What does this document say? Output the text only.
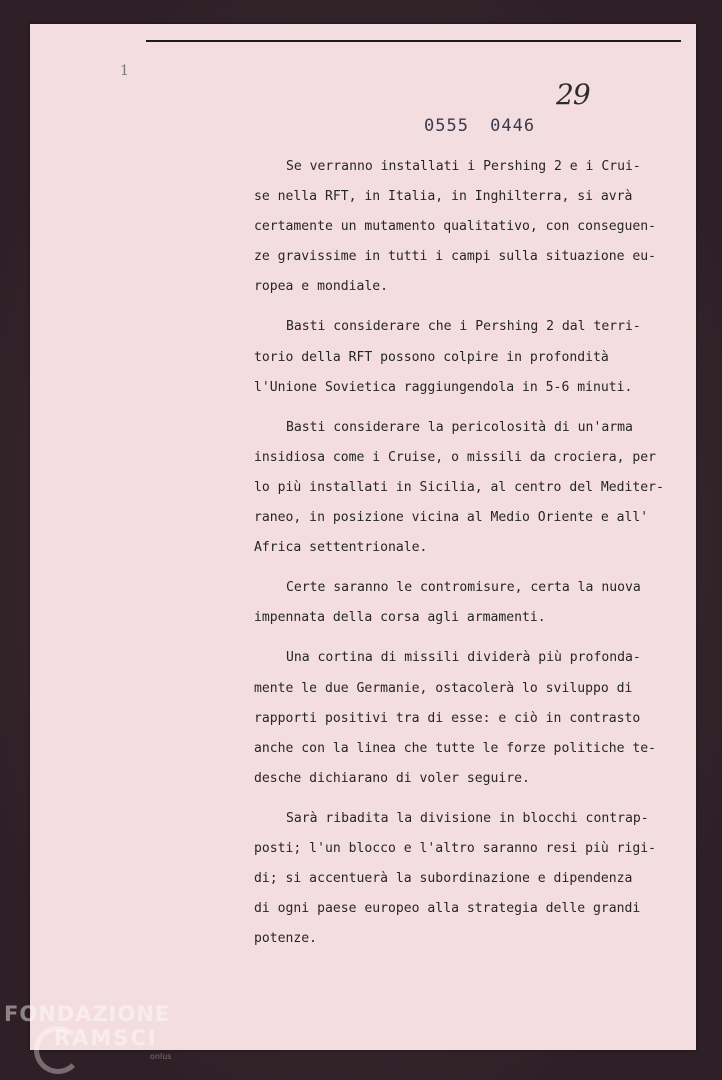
1
29
0555 0446
Se verranno installati i Pershing 2 e i Crui-
se nella RFT, in Italia, in Inghilterra, si avrà
certamente un mutamento qualitativo, con conseguen-
ze gravissime in tutti i campi sulla situazione eu-
ropea e mondiale.
Basti considerare che i Pershing 2 dal terri-
torio della RFT possono colpire in profondità
l'Unione Sovietica raggiungendola in 5-6 minuti.
Basti considerare la pericolosità di un'arma
insidiosa come i Cruise, o missili da crociera, per
lo più installati in Sicilia, al centro del Mediter-
raneo, in posizione vicina al Medio Oriente e all'
Africa settentrionale.
Certe saranno le contromisure, certa la nuova
impennata della corsa agli armamenti.
Una cortina di missili dividerà più profonda-
mente le due Germanie, ostacolerà lo sviluppo di
rapporti positivi tra di esse: e ciò in contrasto
anche con la linea che tutte le forze politiche te-
desche dichiarano di voler seguire.
Sarà ribadita la divisione in blocchi contrap-
posti; l'un blocco e l'altro saranno resi più rigi-
di; si accentuerà la subordinazione e dipendenza
di ogni paese europeo alla strategia delle grandi
potenze.
FONDAZIONE
RAMSCI
onlus
